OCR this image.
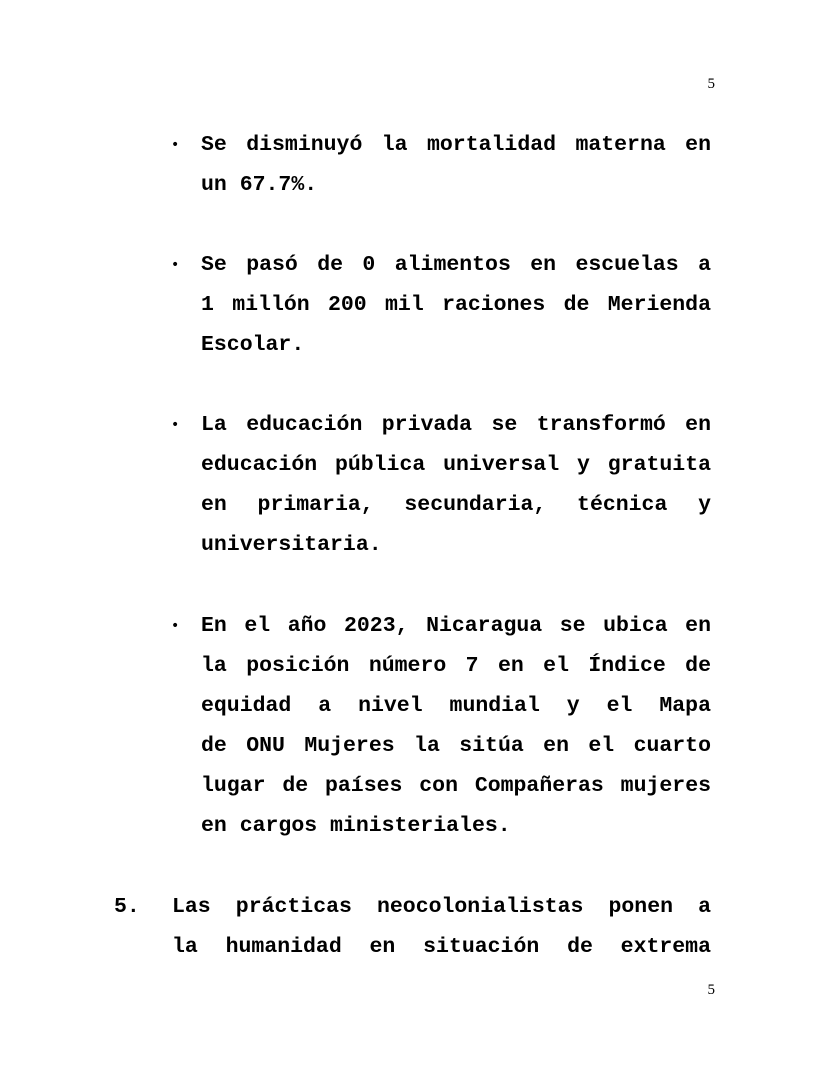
5
• Se disminuyó la mortalidad materna en
un 67.7%.
• Se pasó de 0 alimentos en escuelas a
1 millón 200 mil raciones de Merienda
Escolar.
• La educación privada se transformó en
educación pública universal y gratuita
en primaria, secundaria, técnica y
universitaria.
• En el año 2023, Nicaragua se ubica en
la posición número 7 en el Índice de
equidad a nivel mundial y el Mapa
de ONU Mujeres la sitúa en el cuarto
lugar de países con Compañeras mujeres
en cargos ministeriales.
5. Las prácticas neocolonialistas ponen a
la humanidad en situación de extrema
5
